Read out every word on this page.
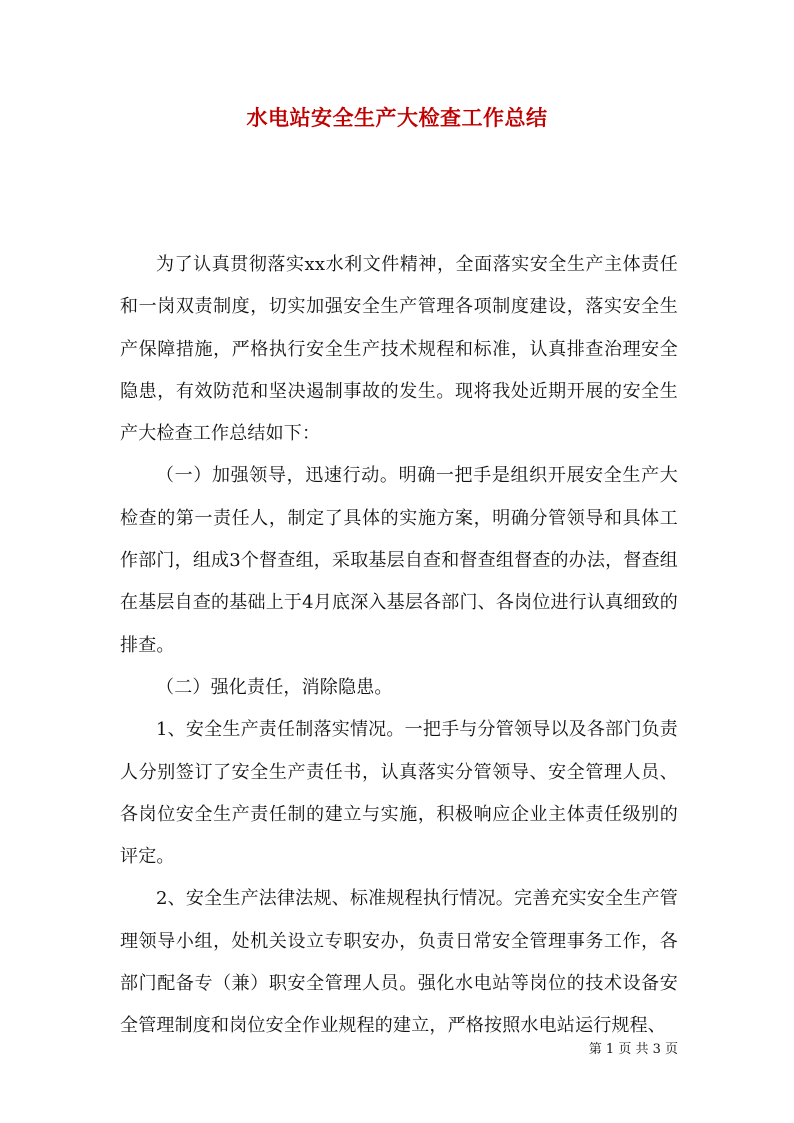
水电站安全生产大检查工作总结

为了认真贯彻落实xx水利文件精神，全面落实安全生产主体责任和一岗双责制度，切实加强安全生产管理各项制度建设，落实安全生产保障措施，严格执行安全生产技术规程和标准，认真排查治理安全隐患，有效防范和坚决遏制事故的发生。现将我处近期开展的安全生产大检查工作总结如下：

（一）加强领导，迅速行动。明确一把手是组织开展安全生产大检查的第一责任人，制定了具体的实施方案，明确分管领导和具体工作部门，组成3个督查组，采取基层自查和督查组督查的办法，督查组在基层自查的基础上于4月底深入基层各部门、各岗位进行认真细致的排查。

（二）强化责任，消除隐患。

1、安全生产责任制落实情况。一把手与分管领导以及各部门负责人分别签订了安全生产责任书，认真落实分管领导、安全管理人员、各岗位安全生产责任制的建立与实施，积极响应企业主体责任级别的评定。

2、安全生产法律法规、标准规程执行情况。完善充实安全生产管理领导小组，处机关设立专职安办，负责日常安全管理事务工作，各部门配备专（兼）职安全管理人员。强化水电站等岗位的技术设备安全管理制度和岗位安全作业规程的建立，严格按照水电站运行规程、

第 1 页 共 3 页
